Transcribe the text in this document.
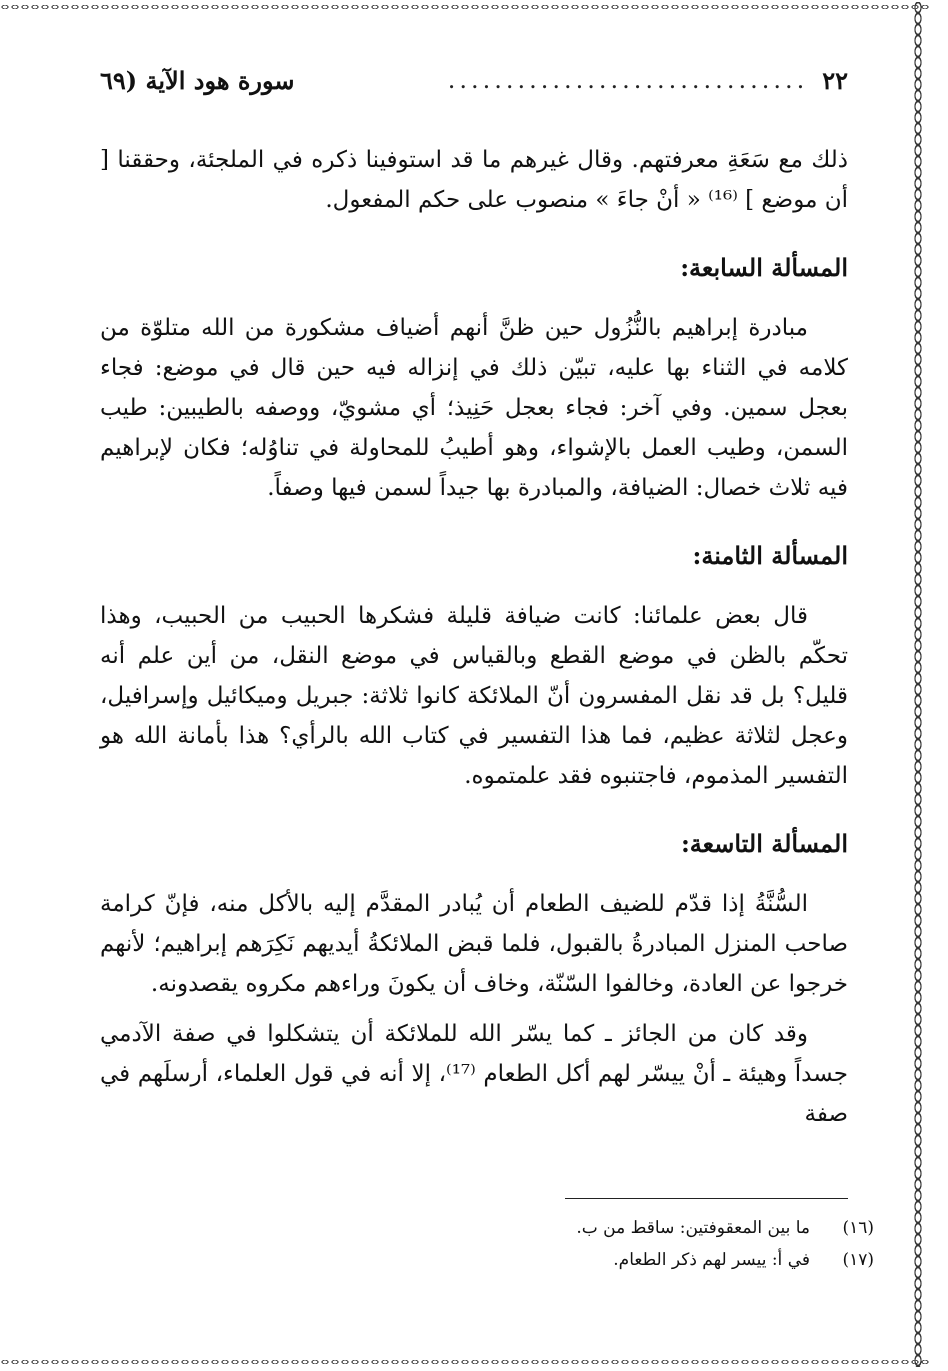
٢٢
...............................
سورة هود الآية (٦٩

ذلك مع سَعَةِ معرفتهم. وقال غيرهم ما قد استوفينا ذكره في الملجئة، وحققنا [ أن موضع ] ⁽¹⁶⁾ « أنْ جاءَ » منصوب على حكم المفعول.

المسألة السابعة:

مبادرة إبراهيم بالنُّزُول حين ظنَّ أنهم أضياف مشكورة من الله متلوّة من كلامه في الثناء بها عليه، تبيّن ذلك في إنزاله فيه حين قال في موضع: فجاء بعجل سمين. وفي آخر: فجاء بعجل حَنِيذ؛ أي مشويّ، ووصفه بالطيبين: طيب السمن، وطيب العمل بالإشواء، وهو أطيبُ للمحاولة في تناوُله؛ فكان لإبراهيم فيه ثلاث خصال: الضيافة، والمبادرة بها جيداً لسمن فيها وصفاً.

المسألة الثامنة:

قال بعض علمائنا: كانت ضيافة قليلة فشكرها الحبيب من الحبيب، وهذا تحكّم بالظن في موضع القطع وبالقياس في موضع النقل، من أين علم أنه قليل؟ بل قد نقل المفسرون أنّ الملائكة كانوا ثلاثة: جبريل وميكائيل وإسرافيل، وعجل لثلاثة عظيم، فما هذا التفسير في كتاب الله بالرأي؟ هذا بأمانة الله هو التفسير المذموم، فاجتنبوه فقد علمتموه.

المسألة التاسعة:

السُّنَّةُ إذا قدّم للضيف الطعام أن يُبادر المقدَّم إليه بالأكل منه، فإنّ كرامة صاحب المنزل المبادرةُ بالقبول، فلما قبض الملائكةُ أيديهم نَكِرَهم إبراهيم؛ لأنهم خرجوا عن العادة، وخالفوا السّنّة، وخاف أن يكونَ وراءهم مكروه يقصدونه.

وقد كان من الجائز ـ كما يسّر الله للملائكة أن يتشكلوا في صفة الآدمي جسداً وهيئة ـ أنْ ييسّر لهم أكل الطعام ⁽¹⁷⁾، إلا أنه في قول العلماء، أرسلَهم في صفة

(١٦)
ما بين المعقوفتين: ساقط من ب.
(١٧)
في أ: ييسر لهم ذكر الطعام.
